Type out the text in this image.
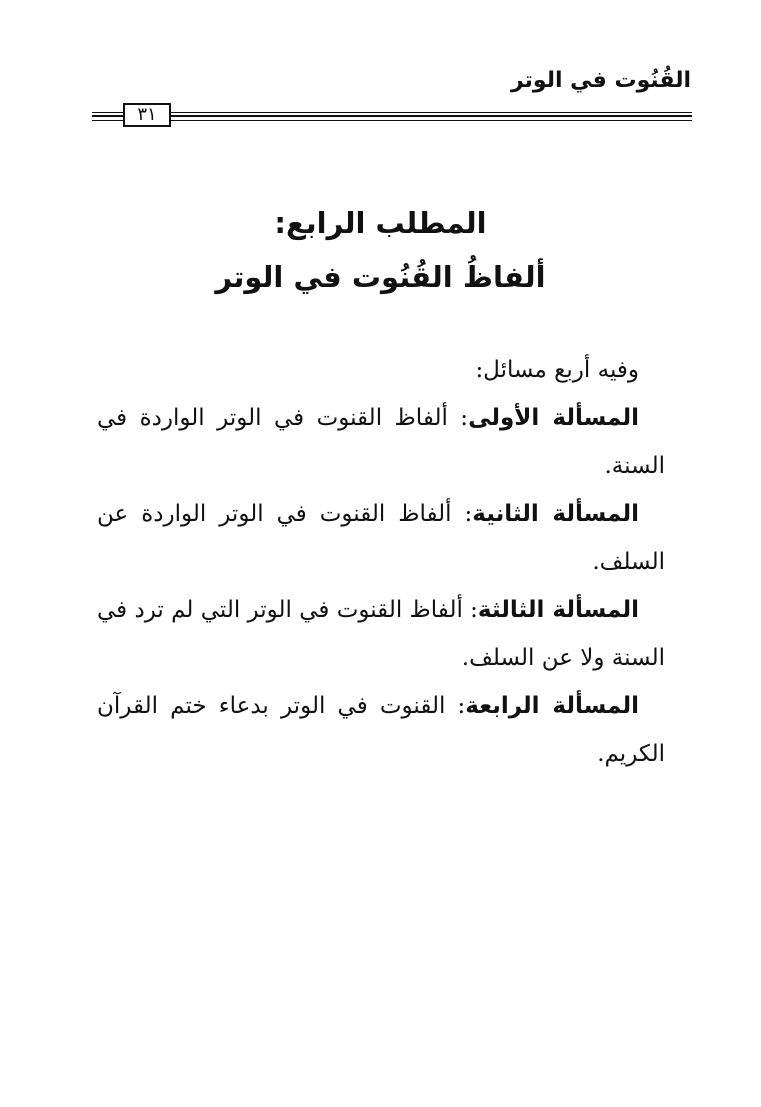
القُنُوت في الوتر
٣١
المطلب الرابع:
ألفاظُ القُنُوت في الوتر

وفيه أربع مسائل:

المسألة الأولى: ألفاظ القنوت في الوتر الواردة في السنة.

المسألة الثانية: ألفاظ القنوت في الوتر الواردة عن السلف.

المسألة الثالثة: ألفاظ القنوت في الوتر التي لم ترد في السنة ولا عن السلف.

المسألة الرابعة: القنوت في الوتر بدعاء ختم القرآن الكريم.
